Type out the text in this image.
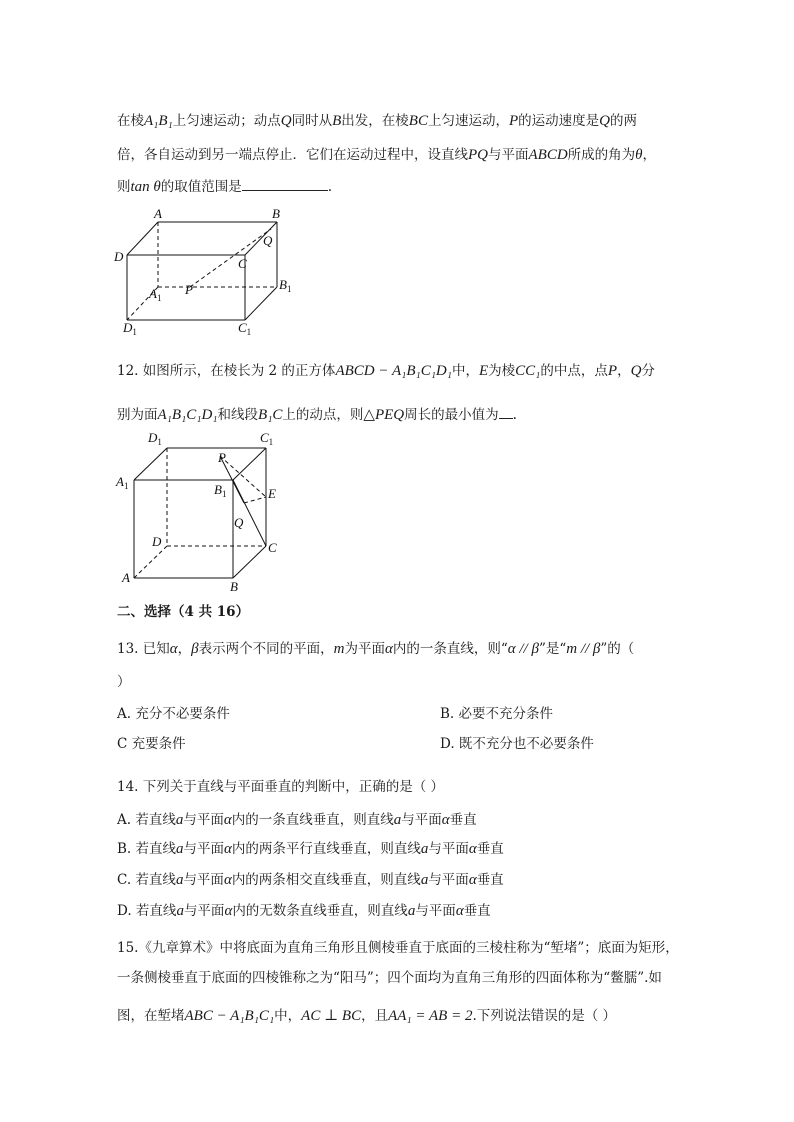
在棱A₁B₁上匀速运动；动点Q同时从B出发，在棱BC上匀速运动，P的运动速度是Q的两
倍，各自运动到另一端点停止．它们在运动过程中，设直线PQ与平面ABCD所成的角为θ，
则tan θ的取值范围是	.
A	B
D	C
Q
P
$A_1$
$B_1$
$D_1$	$C_1$
12. 如图所示，在棱长为 2 的正方体ABCD − A₁B₁C₁D₁中，E为棱CC₁的中点，点P，Q分
别为面A₁B₁C₁D₁和线段B₁C上的动点，则△PEQ周长的最小值为 .
$D_1$	$C_1$
$A_1$	$B_1$
P
E
Q
D	C
A
B
二、选择（4 共 16）
13. 已知α，β表示两个不同的平面，m为平面α内的一条直线，则“α // β”是“m // β”的（
）
A. 充分不必要条件	B. 必要不充分条件
C 充要条件	D. 既不充分也不必要条件
14. 下列关于直线与平面垂直的判断中，正确的是（ ）
A. 若直线a与平面α内的一条直线垂直，则直线a与平面α垂直
B. 若直线a与平面α内的两条平行直线垂直，则直线a与平面α垂直
C. 若直线a与平面α内的两条相交直线垂直，则直线a与平面α垂直
D. 若直线a与平面α内的无数条直线垂直，则直线a与平面α垂直
15.《九章算术》中将底面为直角三角形且侧棱垂直于底面的三棱柱称为“堑堵”；底面为矩形，
一条侧棱垂直于底面的四棱锥称之为“阳马”；四个面均为直角三角形的四面体称为“鳖臑”.如
图，在堑堵ABC − A₁B₁C₁中，AC ⊥ BC，且AA₁ = AB = 2.下列说法错误的是（ ）
